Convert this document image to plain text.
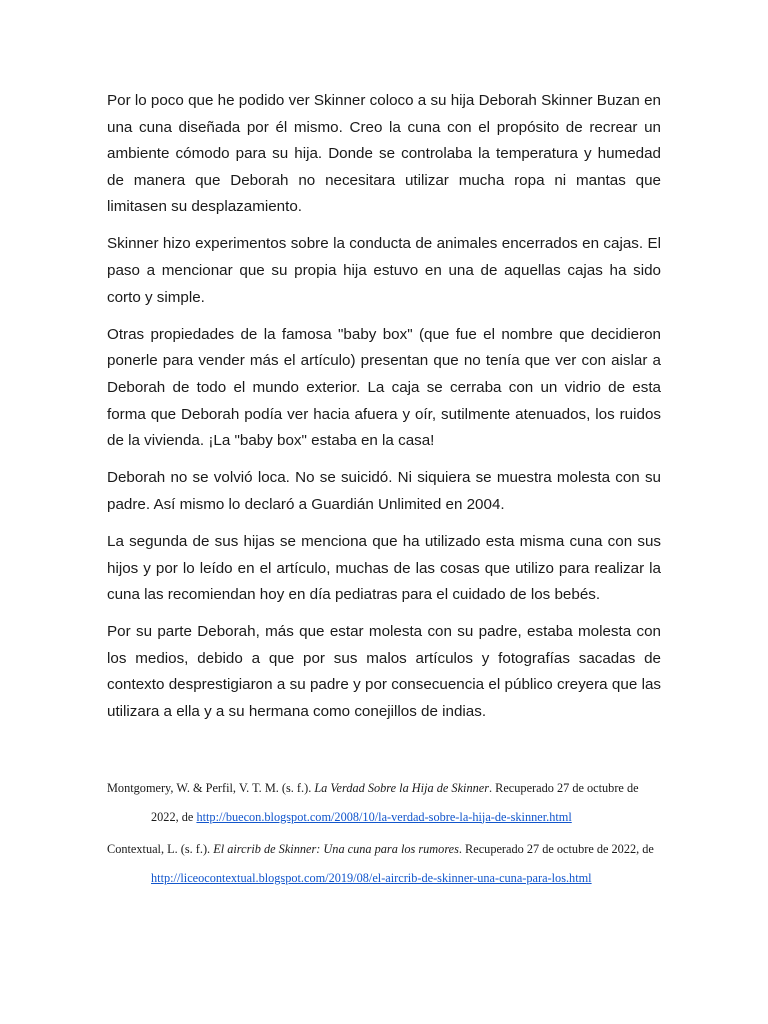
Por lo poco que he podido ver Skinner coloco a su hija Deborah Skinner Buzan en una cuna diseñada por él mismo. Creo la cuna con el propósito de recrear un ambiente cómodo para su hija. Donde se controlaba la temperatura y humedad de manera que Deborah no necesitara utilizar mucha ropa ni mantas que limitasen su desplazamiento.

Skinner hizo experimentos sobre la conducta de animales encerrados en cajas. El paso a mencionar que su propia hija estuvo en una de aquellas cajas ha sido corto y simple.

Otras propiedades de la famosa "baby box" (que fue el nombre que decidieron ponerle para vender más el artículo) presentan que no tenía que ver con aislar a Deborah de todo el mundo exterior. La caja se cerraba con un vidrio de esta forma que Deborah podía ver hacia afuera y oír, sutilmente atenuados, los ruidos de la vivienda. ¡La "baby box" estaba en la casa!

Deborah no se volvió loca. No se suicidó. Ni siquiera se muestra molesta con su padre. Así mismo lo declaró a Guardián Unlimited en 2004.

La segunda de sus hijas se menciona que ha utilizado esta misma cuna con sus hijos y por lo leído en el artículo, muchas de las cosas que utilizo para realizar la cuna las recomiendan hoy en día pediatras para el cuidado de los bebés.

Por su parte Deborah, más que estar molesta con su padre, estaba molesta con los medios, debido a que por sus malos artículos y fotografías sacadas de contexto desprestigiaron a su padre y por consecuencia el público creyera que las utilizara a ella y a su hermana como conejillos de indias.

Montgomery, W. & Perfil, V. T. M. (s. f.). La Verdad Sobre la Hija de Skinner. Recuperado 27 de octubre de 2022, de http://buecon.blogspot.com/2008/10/la-verdad-sobre-la-hija-de-skinner.html
Contextual, L. (s. f.). El aircrib de Skinner: Una cuna para los rumores. Recuperado 27 de octubre de 2022, de http://liceocontextual.blogspot.com/2019/08/el-aircrib-de-skinner-una-cuna-para-los.html
